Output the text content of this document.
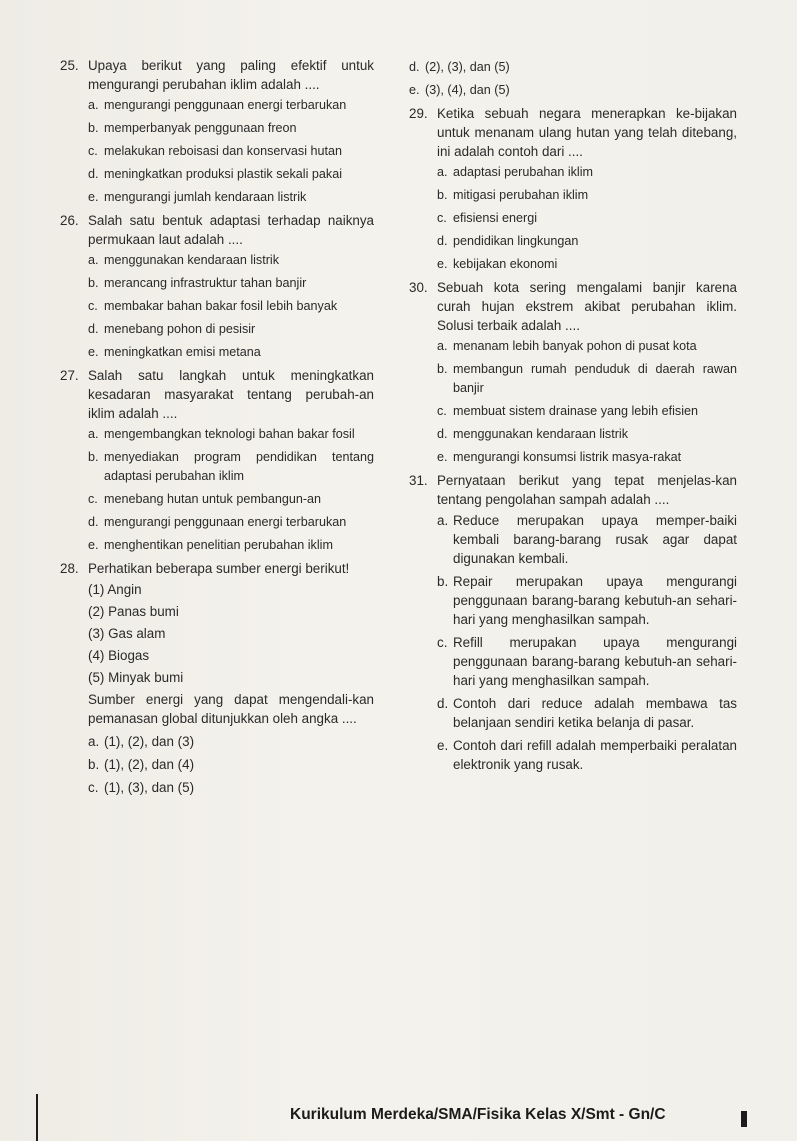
25. Upaya berikut yang paling efektif untuk mengurangi perubahan iklim adalah ....
a. mengurangi penggunaan energi terbarukan
b. memperbanyak penggunaan freon
c. melakukan reboisasi dan konservasi hutan
d. meningkatkan produksi plastik sekali pakai
e. mengurangi jumlah kendaraan listrik
26. Salah satu bentuk adaptasi terhadap naiknya permukaan laut adalah ....
a. menggunakan kendaraan listrik
b. merancang infrastruktur tahan banjir
c. membakar bahan bakar fosil lebih banyak
d. menebang pohon di pesisir
e. meningkatkan emisi metana
27. Salah satu langkah untuk meningkatkan kesadaran masyarakat tentang perubah-an iklim adalah ....
a. mengembangkan teknologi bahan bakar fosil
b. menyediakan program pendidikan tentang adaptasi perubahan iklim
c. menebang hutan untuk pembangun-an
d. mengurangi penggunaan energi terbarukan
e. menghentikan penelitian perubahan iklim
28. Perhatikan beberapa sumber energi berikut!
(1) Angin
(2) Panas bumi
(3) Gas alam
(4) Biogas
(5) Minyak bumi
Sumber energi yang dapat mengendali-kan pemanasan global ditunjukkan oleh angka ....
a. (1), (2), dan (3)
b. (1), (2), dan (4)
c. (1), (3), dan (5)
d. (2), (3), dan (5)
e. (3), (4), dan (5)
29. Ketika sebuah negara menerapkan ke-bijakan untuk menanam ulang hutan yang telah ditebang, ini adalah contoh dari ....
a. adaptasi perubahan iklim
b. mitigasi perubahan iklim
c. efisiensi energi
d. pendidikan lingkungan
e. kebijakan ekonomi
30. Sebuah kota sering mengalami banjir karena curah hujan ekstrem akibat perubahan iklim. Solusi terbaik adalah ....
a. menanam lebih banyak pohon di pusat kota
b. membangun rumah penduduk di daerah rawan banjir
c. membuat sistem drainase yang lebih efisien
d. menggunakan kendaraan listrik
e. mengurangi konsumsi listrik masya-rakat
31. Pernyataan berikut yang tepat menjelas-kan tentang pengolahan sampah adalah ....
a. Reduce merupakan upaya memper-baiki kembali barang-barang rusak agar dapat digunakan kembali.
b. Repair merupakan upaya mengurangi penggunaan barang-barang kebutuh-an sehari-hari yang menghasilkan sampah.
c. Refill merupakan upaya mengurangi penggunaan barang-barang kebutuh-an sehari-hari yang menghasilkan sampah.
d. Contoh dari reduce adalah membawa tas belanjaan sendiri ketika belanja di pasar.
e. Contoh dari refill adalah memperbaiki peralatan elektronik yang rusak.
Kurikulum Merdeka/SMA/Fisika Kelas X/Smt - Gn/C
